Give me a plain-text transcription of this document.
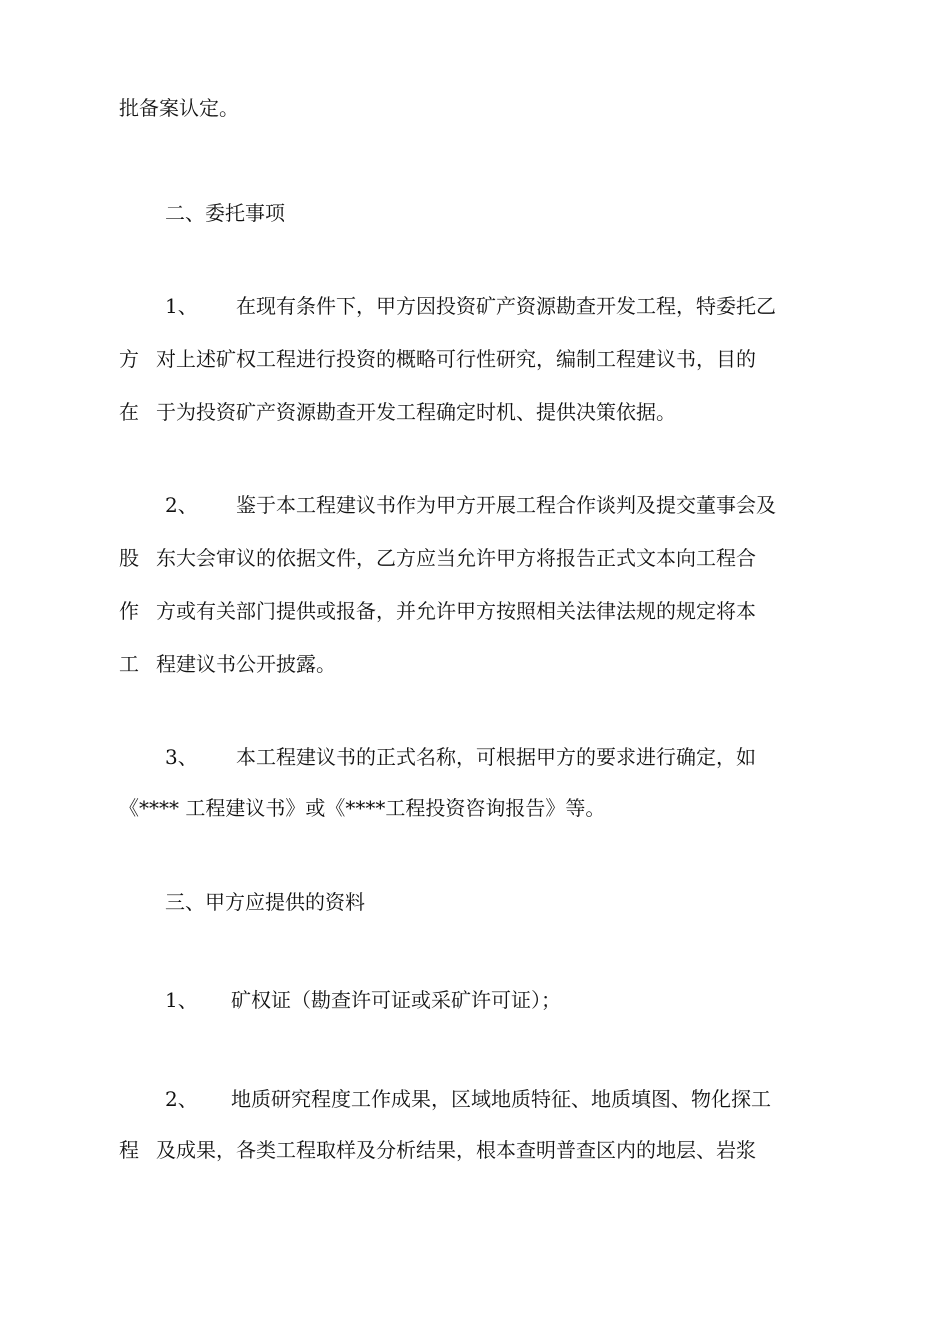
批备案认定。
二、委托事项
1、 在现有条件下，甲方因投资矿产资源勘查开发工程，特委托乙
方 对上述矿权工程进行投资的概略可行性研究，编制工程建议书，目的
在 于为投资矿产资源勘查开发工程确定时机、提供决策依据。
2、 鉴于本工程建议书作为甲方开展工程合作谈判及提交董事会及
股 东大会审议的依据文件，乙方应当允许甲方将报告正式文本向工程合
作 方或有关部门提供或报备，并允许甲方按照相关法律法规的规定将本
工 程建议书公开披露。
3、 本工程建议书的正式名称，可根据甲方的要求进行确定，如
《**** 工程建议书》或《****工程投资咨询报告》等。
三、甲方应提供的资料
1、 矿权证（勘查许可证或采矿许可证）；
2、 地质研究程度工作成果，区域地质特征、地质填图、物化探工
程 及成果，各类工程取样及分析结果，根本查明普查区内的地层、岩浆
